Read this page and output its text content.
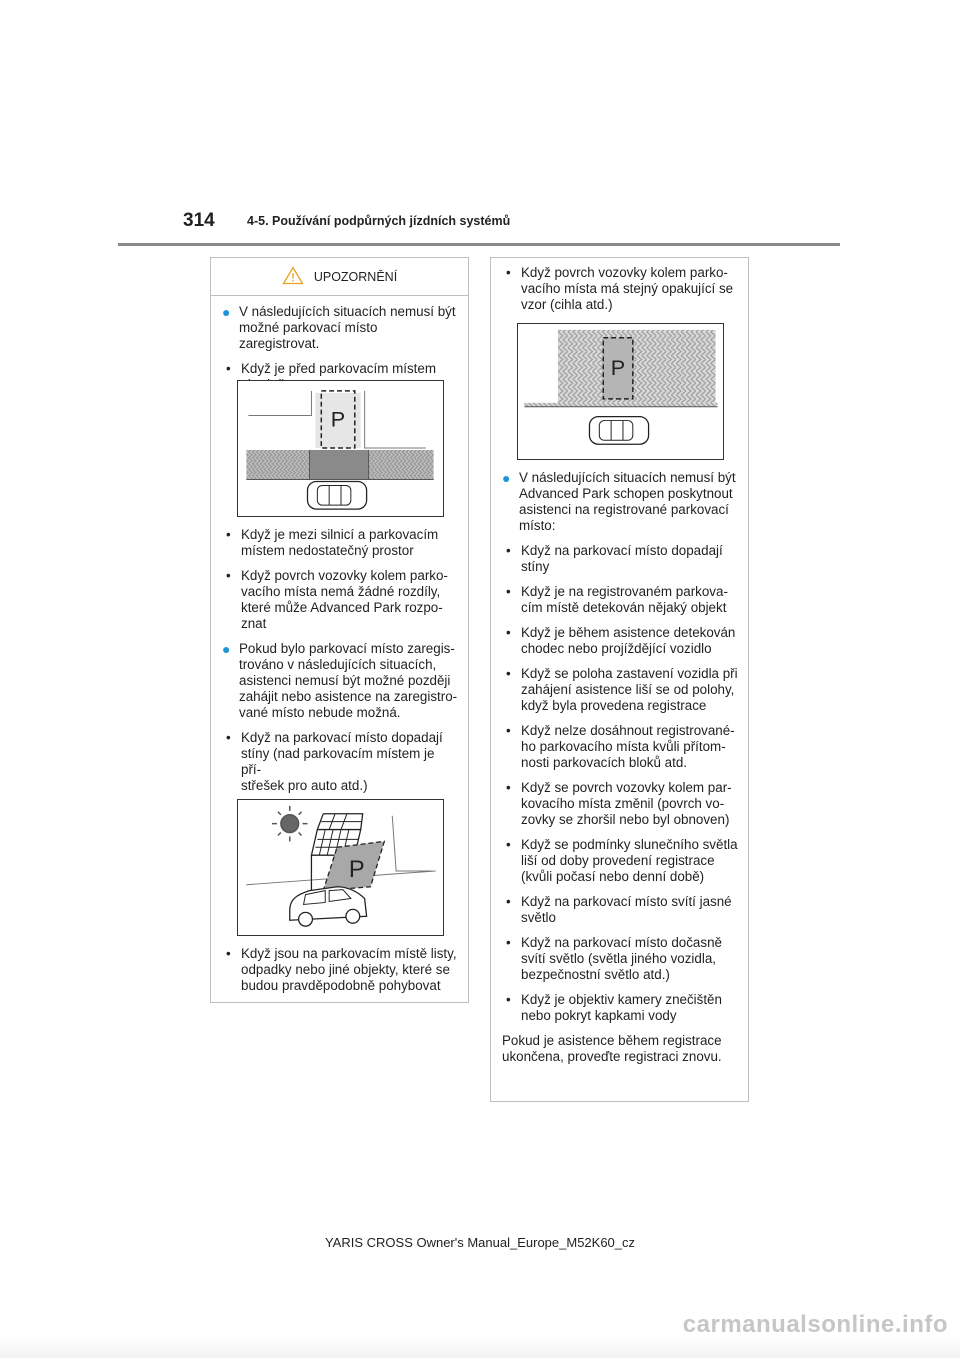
314	4-5. Používání podpůrných jízdních systémů
UPOZORNĚNÍ
● V následujících situacích nemusí být
možné parkovací místo zaregistrovat.
• Když je před parkovacím místem

P
• Když je mezi silnicí a parkovacím
místem nedostatečný prostor
• Když povrch vozovky kolem parko-
vacího místa nemá žádné rozdíly,
které může Advanced Park rozpo-
znat
● Pokud bylo parkovací místo zaregis-
trováno v následujících situacích,
asistenci nemusí být možné později
zahájit nebo asistence na zaregistro-
vané místo nebude možná.
• Když na parkovací místo dopadají
stíny (nad parkovacím místem je pří-
střešek pro auto atd.)
P
• Když jsou na parkovacím místě listy,
odpadky nebo jiné objekty, které se
budou pravděpodobně pohybovat
• Když povrch vozovky kolem parko-
vacího místa má stejný opakující se
vzor (cihla atd.)
P
● V následujících situacích nemusí být
Advanced Park schopen poskytnout
asistenci na registrované parkovací
místo:
• Když na parkovací místo dopadají
stíny
• Když je na registrovaném parkova-
cím místě detekován nějaký objekt
• Když je během asistence detekován
chodec nebo projíždějící vozidlo
• Když se poloha zastavení vozidla při
zahájení asistence liší se od polohy,
když byla provedena registrace
• Když nelze dosáhnout registrované-
ho parkovacího místa kvůli přítom-
nosti parkovacích bloků atd.
• Když se povrch vozovky kolem par-
kovacího místa změnil (povrch vo-
zovky se zhoršil nebo byl obnoven)
• Když se podmínky slunečního světla
liší od doby provedení registrace
(kvůli počasí nebo denní době)
• Když na parkovací místo svítí jasné
světlo
• Když na parkovací místo dočasně
svítí světlo (světla jiného vozidla,
bezpečnostní světlo atd.)
• Když je objektiv kamery znečištěn
nebo pokryt kapkami vody
Pokud je asistence během registrace
ukončena, proveďte registraci znovu.
YARIS CROSS Owner's Manual_Europe_M52K60_cz
carmanualsonline.info
